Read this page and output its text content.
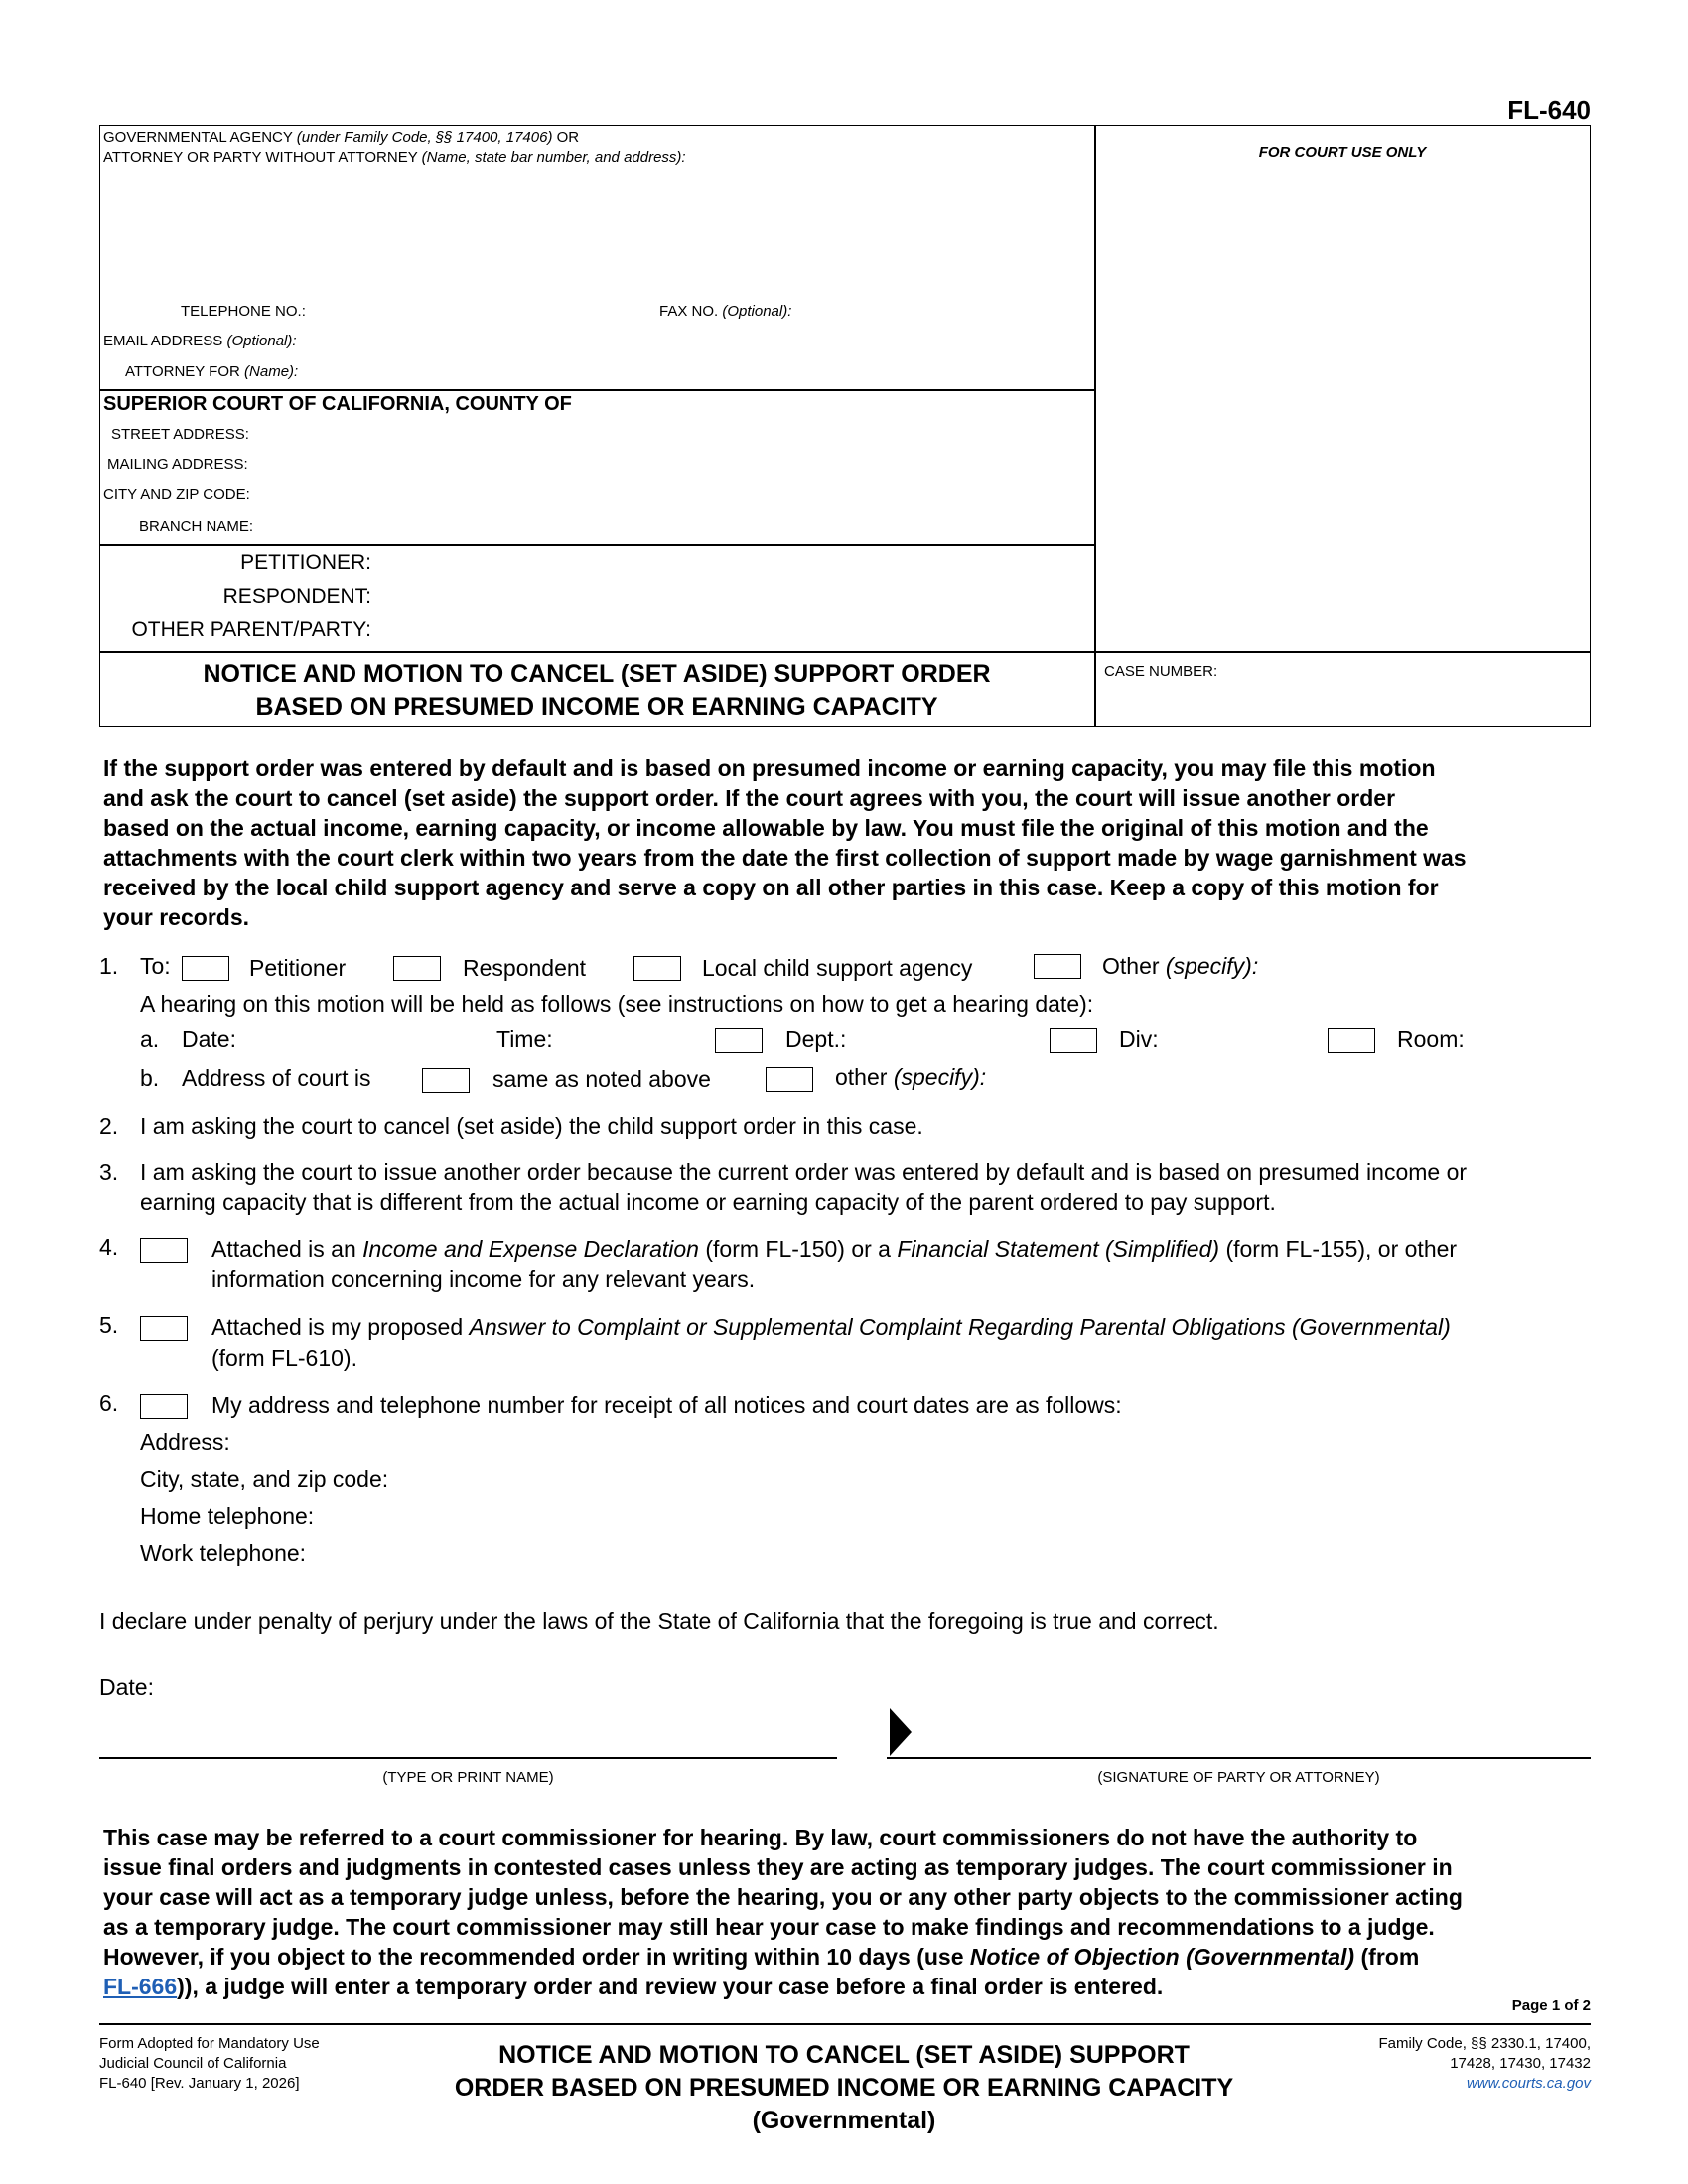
FL-640
GOVERNMENTAL AGENCY (under Family Code, §§ 17400, 17406) OR
ATTORNEY OR PARTY WITHOUT ATTORNEY (Name, state bar number, and address):	FOR COURT USE ONLY
TELEPHONE NO.:	FAX NO. (Optional):
EMAIL ADDRESS (Optional):
ATTORNEY FOR (Name):
SUPERIOR COURT OF CALIFORNIA, COUNTY OF
STREET ADDRESS:
MAILING ADDRESS:
CITY AND ZIP CODE:
BRANCH NAME:
PETITIONER:
RESPONDENT:
OTHER PARENT/PARTY:
NOTICE AND MOTION TO CANCEL (SET ASIDE) SUPPORT ORDER
BASED ON PRESUMED INCOME OR EARNING CAPACITY
CASE NUMBER:
If the support order was entered by default and is based on presumed income or earning capacity, you may file this motion
and ask the court to cancel (set aside) the support order. If the court agrees with you, the court will issue another order
based on the actual income, earning capacity, or income allowable by law. You must file the original of this motion and the
attachments with the court clerk within two years from the date the first collection of support made by wage garnishment was
received by the local child support agency and serve a copy on all other parties in this case. Keep a copy of this motion for
your records.
1. To:	Petitioner	Respondent	Local child support agency	Other (specify):
A hearing on this motion will be held as follows (see instructions on how to get a hearing date):
a. Date:	Time:	Dept.:	Div:	Room:
b. Address of court is	same as noted above	other (specify):
2. I am asking the court to cancel (set aside) the child support order in this case.
3. I am asking the court to issue another order because the current order was entered by default and is based on presumed income or
earning capacity that is different from the actual income or earning capacity of the parent ordered to pay support.
4.	Attached is an Income and Expense Declaration (form FL-150) or a Financial Statement (Simplified) (form FL-155), or other
information concerning income for any relevant years.
5.	Attached is my proposed Answer to Complaint or Supplemental Complaint Regarding Parental Obligations (Governmental)
(form FL-610).
6.	My address and telephone number for receipt of all notices and court dates are as follows:
Address:
City, state, and zip code:
Home telephone:
Work telephone:
I declare under penalty of perjury under the laws of the State of California that the foregoing is true and correct.
Date:
(TYPE OR PRINT NAME)	(SIGNATURE OF PARTY OR ATTORNEY)
This case may be referred to a court commissioner for hearing. By law, court commissioners do not have the authority to
issue final orders and judgments in contested cases unless they are acting as temporary judges. The court commissioner in
your case will act as a temporary judge unless, before the hearing, you or any other party objects to the commissioner acting
as a temporary judge. The court commissioner may still hear your case to make findings and recommendations to a judge.
However, if you object to the recommended order in writing within 10 days (use Notice of Objection (Governmental) (from
FL-666)), a judge will enter a temporary order and review your case before a final order is entered.
Page 1 of 2
Form Adopted for Mandatory Use
Judicial Council of California
FL-640 [Rev. January 1, 2026]
NOTICE AND MOTION TO CANCEL (SET ASIDE) SUPPORT
ORDER BASED ON PRESUMED INCOME OR EARNING CAPACITY
(Governmental)
Family Code, §§ 2330.1, 17400,
17428, 17430, 17432
www.courts.ca.gov
